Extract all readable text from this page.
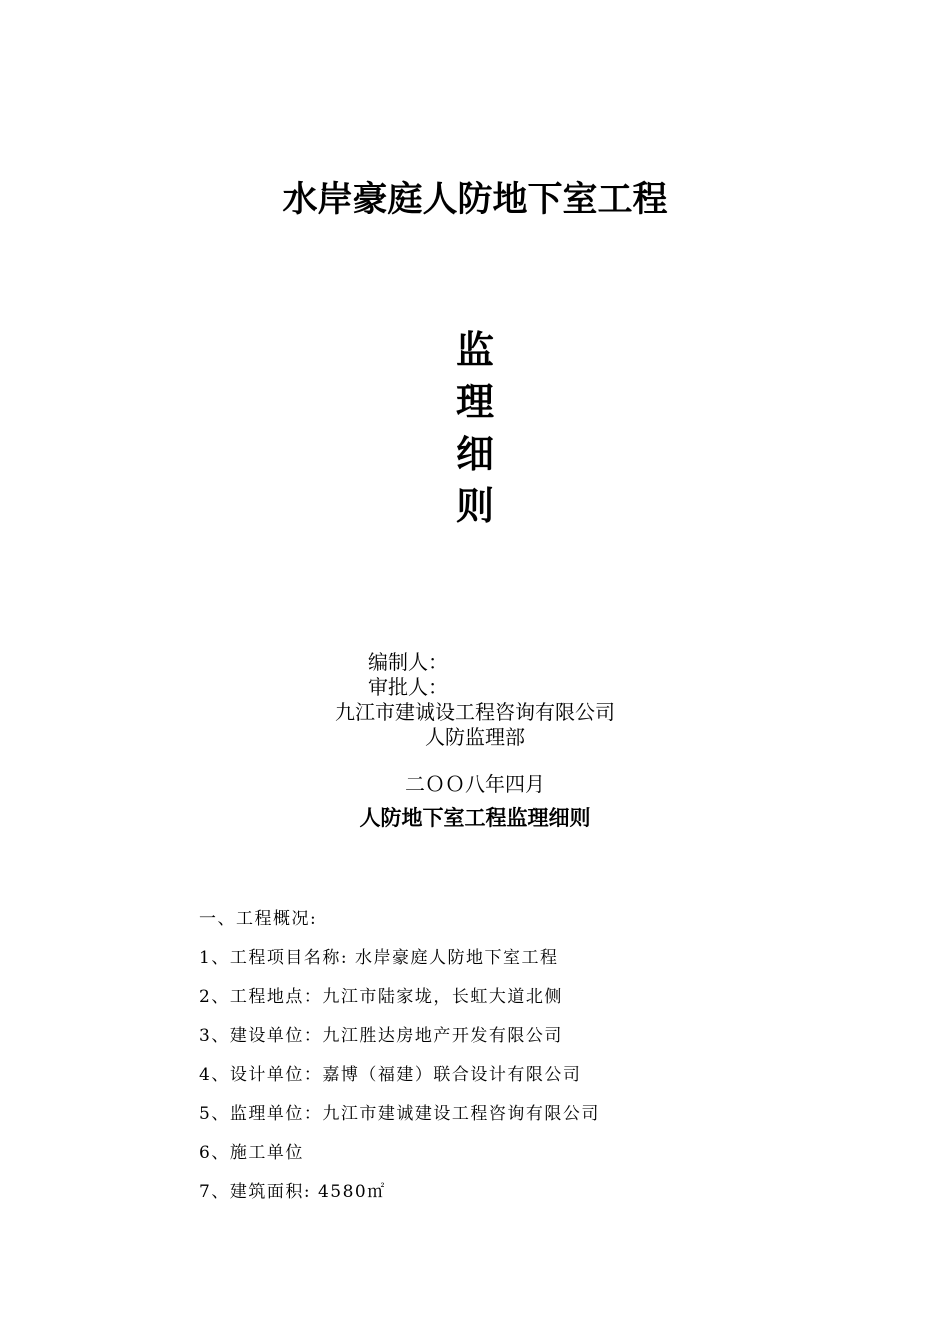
水岸豪庭人防地下室工程
监
理
细
则
编制人：
审批人：
九江市建诚设工程咨询有限公司
人防监理部
二ＯＯ八年四月
人防地下室工程监理细则
一、工程概况:
1、工程项目名称: 水岸豪庭人防地下室工程
2、工程地点：九江市陆家垅，长虹大道北侧
3、建设单位：九江胜达房地产开发有限公司
4、设计单位：嘉博（福建）联合设计有限公司
5、监理单位：九江市建诚建设工程咨询有限公司
6、施工单位
7、建筑面积: 4580㎡
